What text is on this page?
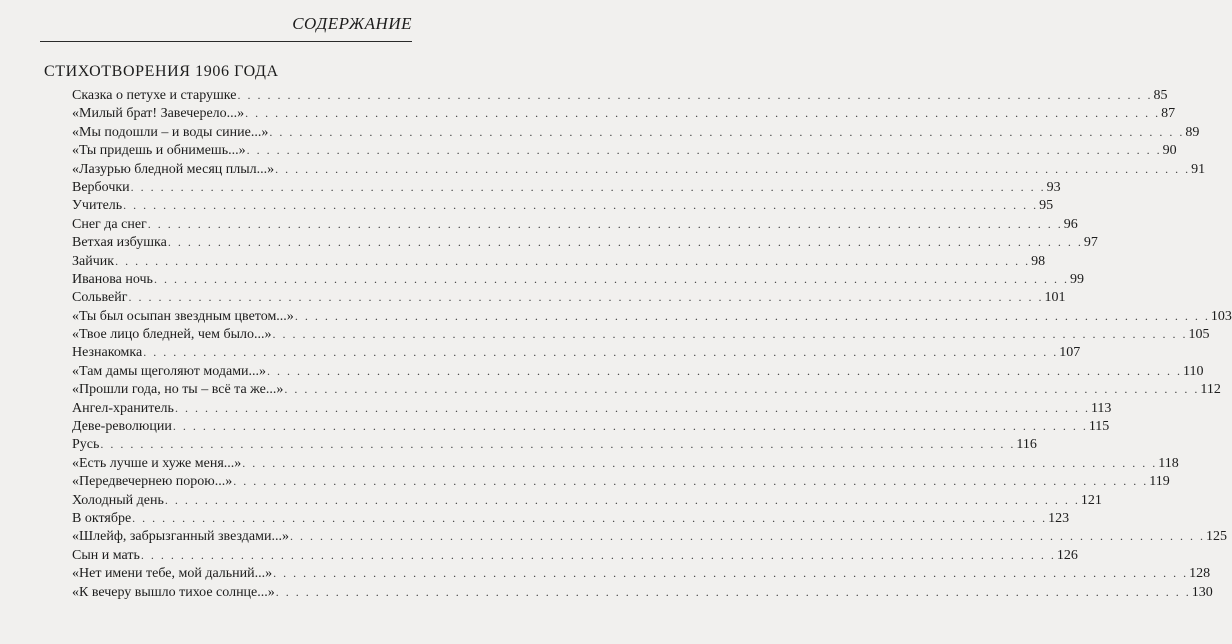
СОДЕРЖАНИЕ
СТИХОТВОРЕНИЯ 1906 ГОДА
Сказка о петухе и старушке . . . . . . . . . . . . . . . . . . . . . . . . . . . . . . . . . . . . . . . . . . . . . . . . . . . . . . . . . . . . . . . . . . . . . . . . . . . . . . . . . . . . . . . . . . . . 85
«Милый брат! Завечерело...» . . . . . . . . . . . . . . . . . . . . . . . . . . . . . . . . . . . . . . . . . . . . . . . . . . . . . . . . . . . . . . . . . . . . . . . . . . . . . . . . . . . . . . . . . . . . 87
«Мы подошли – и воды синие...» . . . . . . . . . . . . . . . . . . . . . . . . . . . . . . . . . . . . . . . . . . . . . . . . . . . . . . . . . . . . . . . . . . . . . . . . . . . . . . . . . . . . . . . . . . . . 89
«Ты придешь и обнимешь...» . . . . . . . . . . . . . . . . . . . . . . . . . . . . . . . . . . . . . . . . . . . . . . . . . . . . . . . . . . . . . . . . . . . . . . . . . . . . . . . . . . . . . . . . . . . . 90
«Лазурью бледной месяц плыл...» . . . . . . . . . . . . . . . . . . . . . . . . . . . . . . . . . . . . . . . . . . . . . . . . . . . . . . . . . . . . . . . . . . . . . . . . . . . . . . . . . . . . . . . . . . . . 91
Вербочки . . . . . . . . . . . . . . . . . . . . . . . . . . . . . . . . . . . . . . . . . . . . . . . . . . . . . . . . . . . . . . . . . . . . . . . . . . . . . . . . . . . . . . . . . . . . 93
Учитель . . . . . . . . . . . . . . . . . . . . . . . . . . . . . . . . . . . . . . . . . . . . . . . . . . . . . . . . . . . . . . . . . . . . . . . . . . . . . . . . . . . . . . . . . . . . 95
Снег да снег . . . . . . . . . . . . . . . . . . . . . . . . . . . . . . . . . . . . . . . . . . . . . . . . . . . . . . . . . . . . . . . . . . . . . . . . . . . . . . . . . . . . . . . . . . . . 96
Ветхая избушка . . . . . . . . . . . . . . . . . . . . . . . . . . . . . . . . . . . . . . . . . . . . . . . . . . . . . . . . . . . . . . . . . . . . . . . . . . . . . . . . . . . . . . . . . . . . 97
Зайчик . . . . . . . . . . . . . . . . . . . . . . . . . . . . . . . . . . . . . . . . . . . . . . . . . . . . . . . . . . . . . . . . . . . . . . . . . . . . . . . . . . . . . . . . . . . . 98
Иванова ночь . . . . . . . . . . . . . . . . . . . . . . . . . . . . . . . . . . . . . . . . . . . . . . . . . . . . . . . . . . . . . . . . . . . . . . . . . . . . . . . . . . . . . . . . . . . . 99
Сольвейг . . . . . . . . . . . . . . . . . . . . . . . . . . . . . . . . . . . . . . . . . . . . . . . . . . . . . . . . . . . . . . . . . . . . . . . . . . . . . . . . . . . . . . . . . . . . 101
«Ты был осыпан звездным цветом...» . . . . . . . . . . . . . . . . . . . . . . . . . . . . . . . . . . . . . . . . . . . . . . . . . . . . . . . . . . . . . . . . . . . . . . . . . . . . . . . . . . . . . . . . . . . . 103
«Твое лицо бледней, чем было...» . . . . . . . . . . . . . . . . . . . . . . . . . . . . . . . . . . . . . . . . . . . . . . . . . . . . . . . . . . . . . . . . . . . . . . . . . . . . . . . . . . . . . . . . . . . . 105
Незнакомка . . . . . . . . . . . . . . . . . . . . . . . . . . . . . . . . . . . . . . . . . . . . . . . . . . . . . . . . . . . . . . . . . . . . . . . . . . . . . . . . . . . . . . . . . . . . 107
«Там дамы щеголяют модами...» . . . . . . . . . . . . . . . . . . . . . . . . . . . . . . . . . . . . . . . . . . . . . . . . . . . . . . . . . . . . . . . . . . . . . . . . . . . . . . . . . . . . . . . . . . . . 110
«Прошли года, но ты – всё та же...» . . . . . . . . . . . . . . . . . . . . . . . . . . . . . . . . . . . . . . . . . . . . . . . . . . . . . . . . . . . . . . . . . . . . . . . . . . . . . . . . . . . . . . . . . . . . 112
Ангел-хранитель . . . . . . . . . . . . . . . . . . . . . . . . . . . . . . . . . . . . . . . . . . . . . . . . . . . . . . . . . . . . . . . . . . . . . . . . . . . . . . . . . . . . . . . . . . . . 113
Деве-революции . . . . . . . . . . . . . . . . . . . . . . . . . . . . . . . . . . . . . . . . . . . . . . . . . . . . . . . . . . . . . . . . . . . . . . . . . . . . . . . . . . . . . . . . . . . . 115
Русь . . . . . . . . . . . . . . . . . . . . . . . . . . . . . . . . . . . . . . . . . . . . . . . . . . . . . . . . . . . . . . . . . . . . . . . . . . . . . . . . . . . . . . . . . . . . 116
«Есть лучше и хуже меня...» . . . . . . . . . . . . . . . . . . . . . . . . . . . . . . . . . . . . . . . . . . . . . . . . . . . . . . . . . . . . . . . . . . . . . . . . . . . . . . . . . . . . . . . . . . . . 118
«Передвечернею порою...» . . . . . . . . . . . . . . . . . . . . . . . . . . . . . . . . . . . . . . . . . . . . . . . . . . . . . . . . . . . . . . . . . . . . . . . . . . . . . . . . . . . . . . . . . . . . 119
Холодный день . . . . . . . . . . . . . . . . . . . . . . . . . . . . . . . . . . . . . . . . . . . . . . . . . . . . . . . . . . . . . . . . . . . . . . . . . . . . . . . . . . . . . . . . . . . . 121
В октябре . . . . . . . . . . . . . . . . . . . . . . . . . . . . . . . . . . . . . . . . . . . . . . . . . . . . . . . . . . . . . . . . . . . . . . . . . . . . . . . . . . . . . . . . . . . . 123
«Шлейф, забрызганный звездами...» . . . . . . . . . . . . . . . . . . . . . . . . . . . . . . . . . . . . . . . . . . . . . . . . . . . . . . . . . . . . . . . . . . . . . . . . . . . . . . . . . . . . . . . . . . . . 125
Сын и мать . . . . . . . . . . . . . . . . . . . . . . . . . . . . . . . . . . . . . . . . . . . . . . . . . . . . . . . . . . . . . . . . . . . . . . . . . . . . . . . . . . . . . . . . . . . . 126
«Нет имени тебе, мой дальний...» . . . . . . . . . . . . . . . . . . . . . . . . . . . . . . . . . . . . . . . . . . . . . . . . . . . . . . . . . . . . . . . . . . . . . . . . . . . . . . . . . . . . . . . . . . . . 128
«К вечеру вышло тихое солнце...» . . . . . . . . . . . . . . . . . . . . . . . . . . . . . . . . . . . . . . . . . . . . . . . . . . . . . . . . . . . . . . . . . . . . . . . . . . . . . . . . . . . . . . . . . . . . 130
